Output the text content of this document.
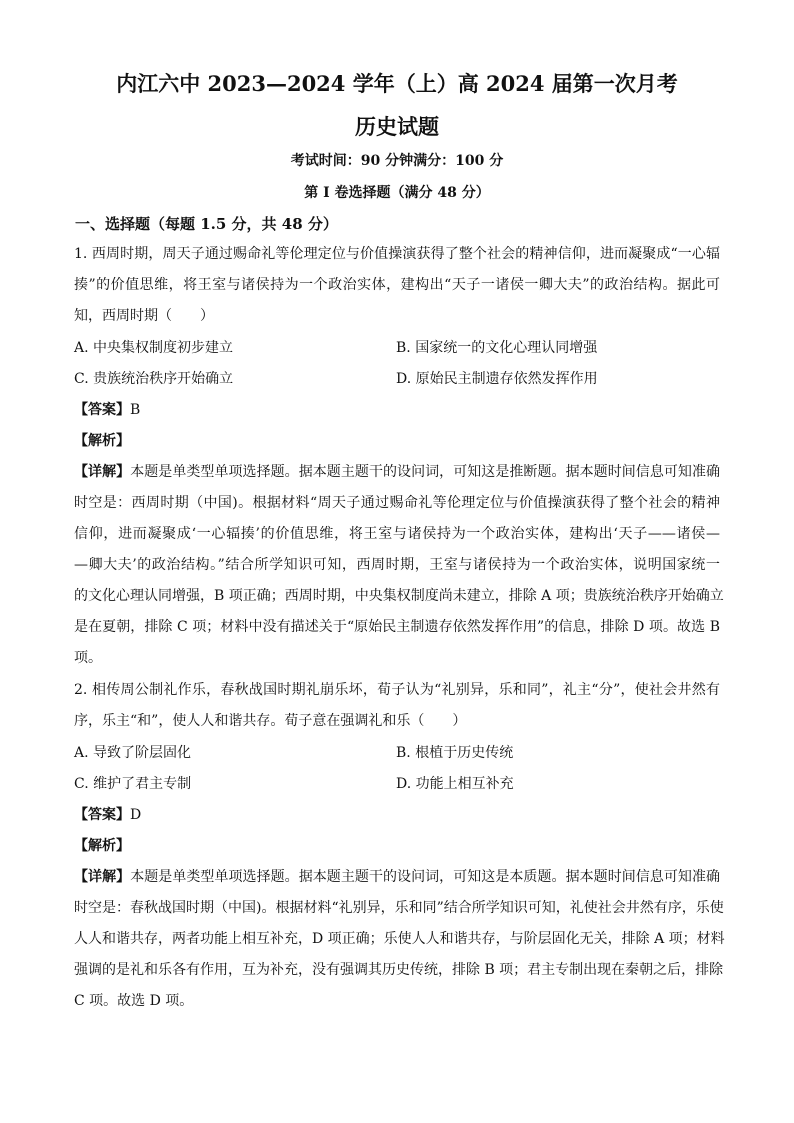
内江六中 2023—2024 学年（上）高 2024 届第一次月考
历史试题
考试时间：90 分钟满分：100 分
第 I 卷选择题（满分 48 分）
一、选择题（每题 1.5 分，共 48 分）
1. 西周时期，周天子通过赐命礼等伦理定位与价值操演获得了整个社会的精神信仰，进而凝聚成“一心辐
揍”的价值思维，将王室与诸侯持为一个政治实体，建构出“天子一诸侯一卿大夫”的政治结构。据此可
知，西周时期（　　）
A. 中央集权制度初步建立	B. 国家统一的文化心理认同增强
C. 贵族统治秩序开始确立	D. 原始民主制遗存依然发挥作用
【答案】B
【解析】
【详解】本题是单类型单项选择题。据本题主题干的设问词，可知这是推断题。据本题时间信息可知准确
时空是：西周时期（中国)。根据材料“周天子通过赐命礼等伦理定位与价值操演获得了整个社会的精神
信仰，进而凝聚成‘一心辐揍’的价值思维，将王室与诸侯持为一个政治实体，建构出‘天子——诸侯—
—卿大夫’的政治结构。”结合所学知识可知，西周时期，王室与诸侯持为一个政治实体，说明国家统一
的文化心理认同增强，B 项正确；西周时期，中央集权制度尚未建立，排除 A 项；贵族统治秩序开始确立
是在夏朝，排除 C 项；材料中没有描述关于“原始民主制遗存依然发挥作用”的信息，排除 D 项。故选 B
项。
2. 相传周公制礼作乐，春秋战国时期礼崩乐坏，荀子认为“礼别异，乐和同”，礼主“分”，使社会井然有
序，乐主“和”，使人人和谐共存。荀子意在强调礼和乐（　　）
A. 导致了阶层固化	B. 根植于历史传统
C. 维护了君主专制	D. 功能上相互补充
【答案】D
【解析】
【详解】本题是单类型单项选择题。据本题主题干的设问词，可知这是本质题。据本题时间信息可知准确
时空是：春秋战国时期（中国)。根据材料“礼别异，乐和同”结合所学知识可知，礼使社会井然有序，乐使
人人和谐共存，两者功能上相互补充，D 项正确；乐使人人和谐共存，与阶层固化无关，排除 A 项；材料
强调的是礼和乐各有作用，互为补充，没有强调其历史传统，排除 B 项；君主专制出现在秦朝之后，排除
C 项。故选 D 项。
